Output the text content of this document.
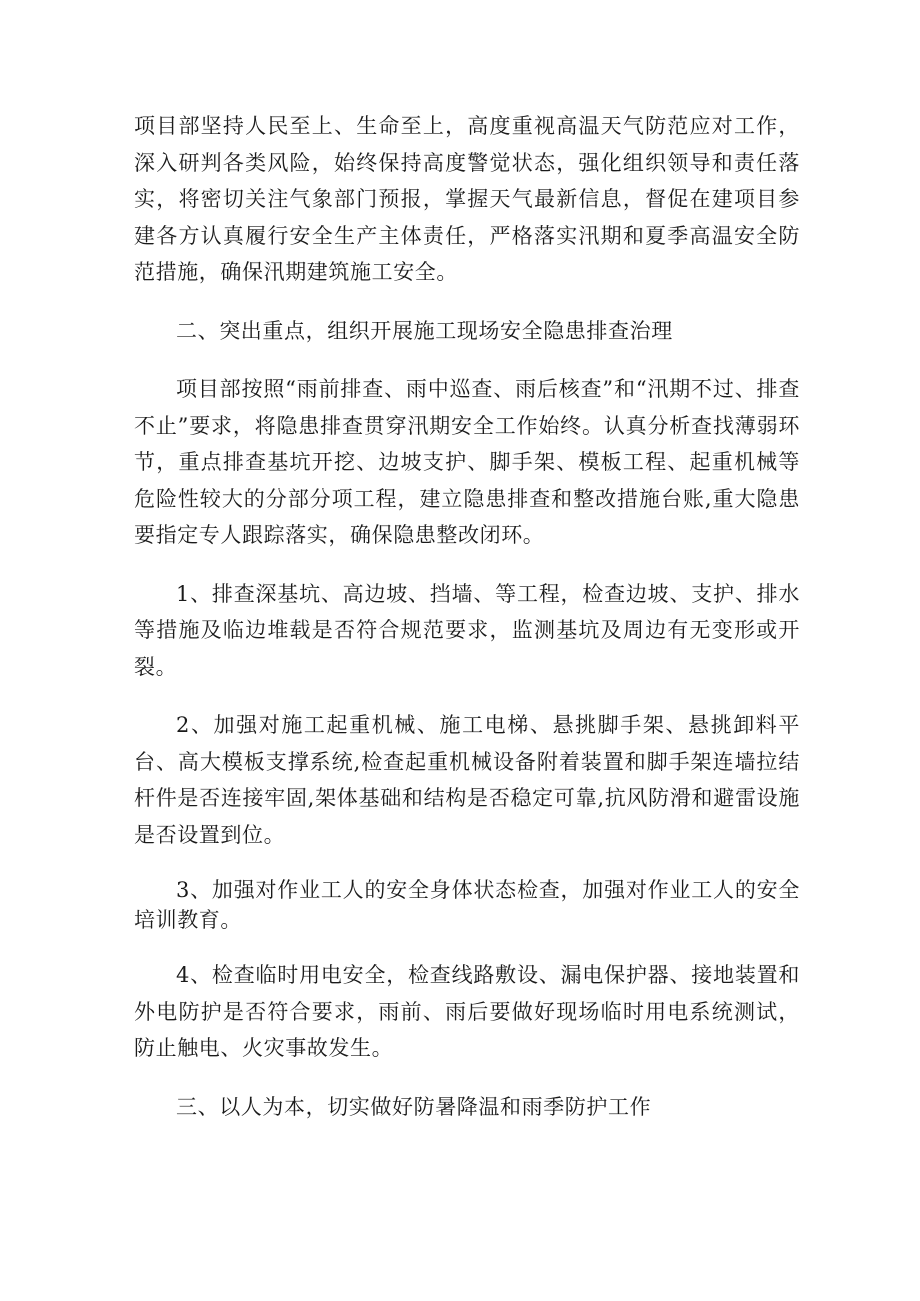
项目部坚持人民至上、生命至上，高度重视高温天气防范应对工作，深入研判各类风险，始终保持高度警觉状态，强化组织领导和责任落实，将密切关注气象部门预报，掌握天气最新信息，督促在建项目参建各方认真履行安全生产主体责任，严格落实汛期和夏季高温安全防范措施，确保汛期建筑施工安全。

二、突出重点，组织开展施工现场安全隐患排查治理

项目部按照“雨前排查、雨中巡查、雨后核查”和“汛期不过、排查不止”要求，将隐患排查贯穿汛期安全工作始终。认真分析查找薄弱环节，重点排查基坑开挖、边坡支护、脚手架、模板工程、起重机械等危险性较大的分部分项工程，建立隐患排查和整改措施台账,重大隐患要指定专人跟踪落实，确保隐患整改闭环。

1、排查深基坑、高边坡、挡墙、等工程，检查边坡、支护、排水等措施及临边堆载是否符合规范要求，监测基坑及周边有无变形或开裂。

2、加强对施工起重机械、施工电梯、悬挑脚手架、悬挑卸料平台、高大模板支撑系统,检查起重机械设备附着装置和脚手架连墙拉结杆件是否连接牢固,架体基础和结构是否稳定可靠,抗风防滑和避雷设施是否设置到位。

3、加强对作业工人的安全身体状态检查，加强对作业工人的安全培训教育。

4、检查临时用电安全，检查线路敷设、漏电保护器、接地装置和外电防护是否符合要求，雨前、雨后要做好现场临时用电系统测试，防止触电、火灾事故发生。

三、以人为本，切实做好防暑降温和雨季防护工作
